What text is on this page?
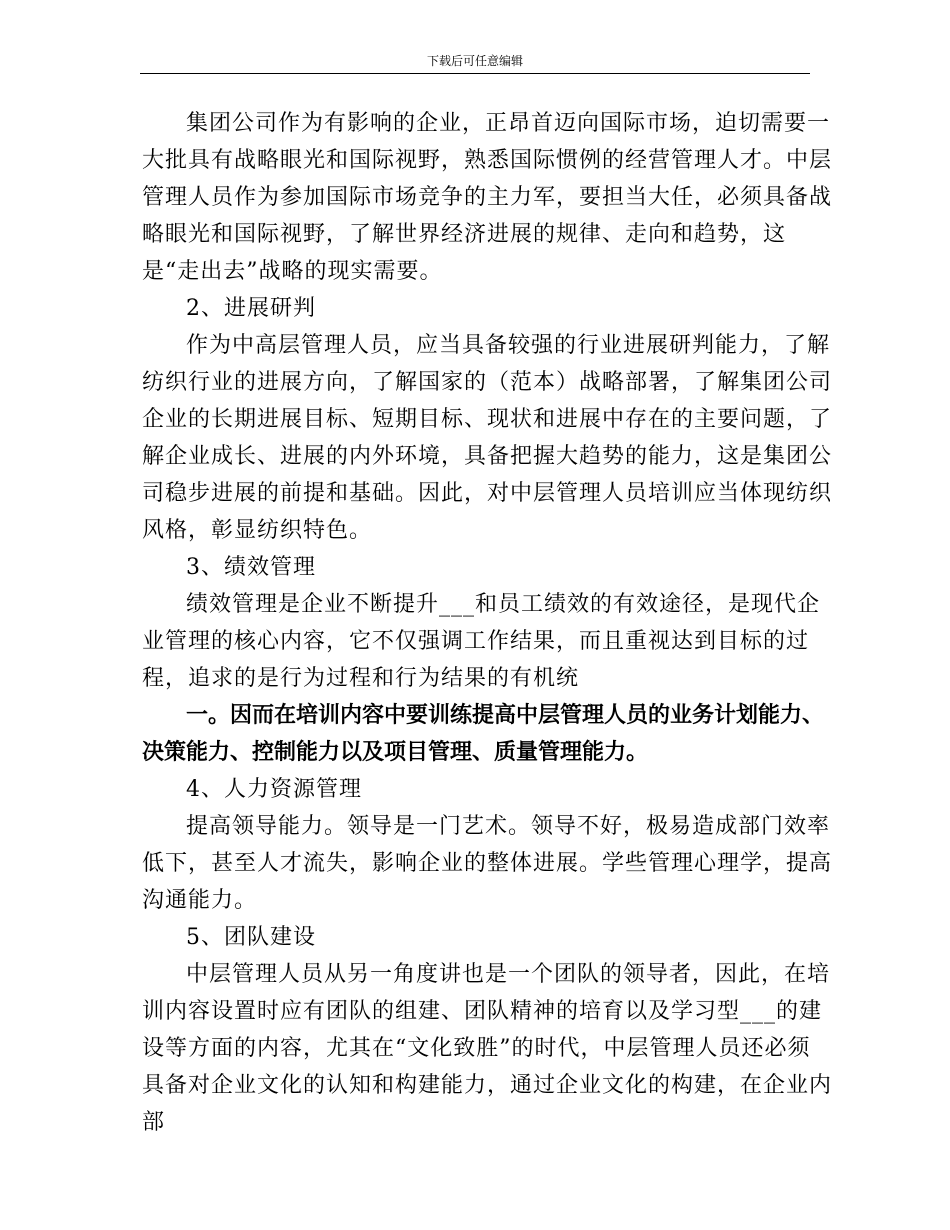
下载后可任意编辑

集团公司作为有影响的企业，正昂首迈向国际市场，迫切需要一大批具有战略眼光和国际视野，熟悉国际惯例的经营管理人才。中层管理人员作为参加国际市场竞争的主力军，要担当大任，必须具备战略眼光和国际视野，了解世界经济进展的规律、走向和趋势，这是“走出去”战略的现实需要。

2、进展研判

作为中高层管理人员，应当具备较强的行业进展研判能力，了解纺织行业的进展方向，了解国家的（范本）战略部署，了解集团公司企业的长期进展目标、短期目标、现状和进展中存在的主要问题，了解企业成长、进展的内外环境，具备把握大趋势的能力，这是集团公司稳步进展的前提和基础。因此，对中层管理人员培训应当体现纺织风格，彰显纺织特色。

3、绩效管理

绩效管理是企业不断提升___和员工绩效的有效途径，是现代企业管理的核心内容，它不仅强调工作结果，而且重视达到目标的过程，追求的是行为过程和行为结果的有机统

一。因而在培训内容中要训练提高中层管理人员的业务计划能力、决策能力、控制能力以及项目管理、质量管理能力。

4、人力资源管理

提高领导能力。领导是一门艺术。领导不好，极易造成部门效率低下，甚至人才流失，影响企业的整体进展。学些管理心理学，提高沟通能力。

5、团队建设

中层管理人员从另一角度讲也是一个团队的领导者，因此，在培训内容设置时应有团队的组建、团队精神的培育以及学习型___的建设等方面的内容，尤其在“文化致胜”的时代，中层管理人员还必须具备对企业文化的认知和构建能力，通过企业文化的构建，在企业内部
